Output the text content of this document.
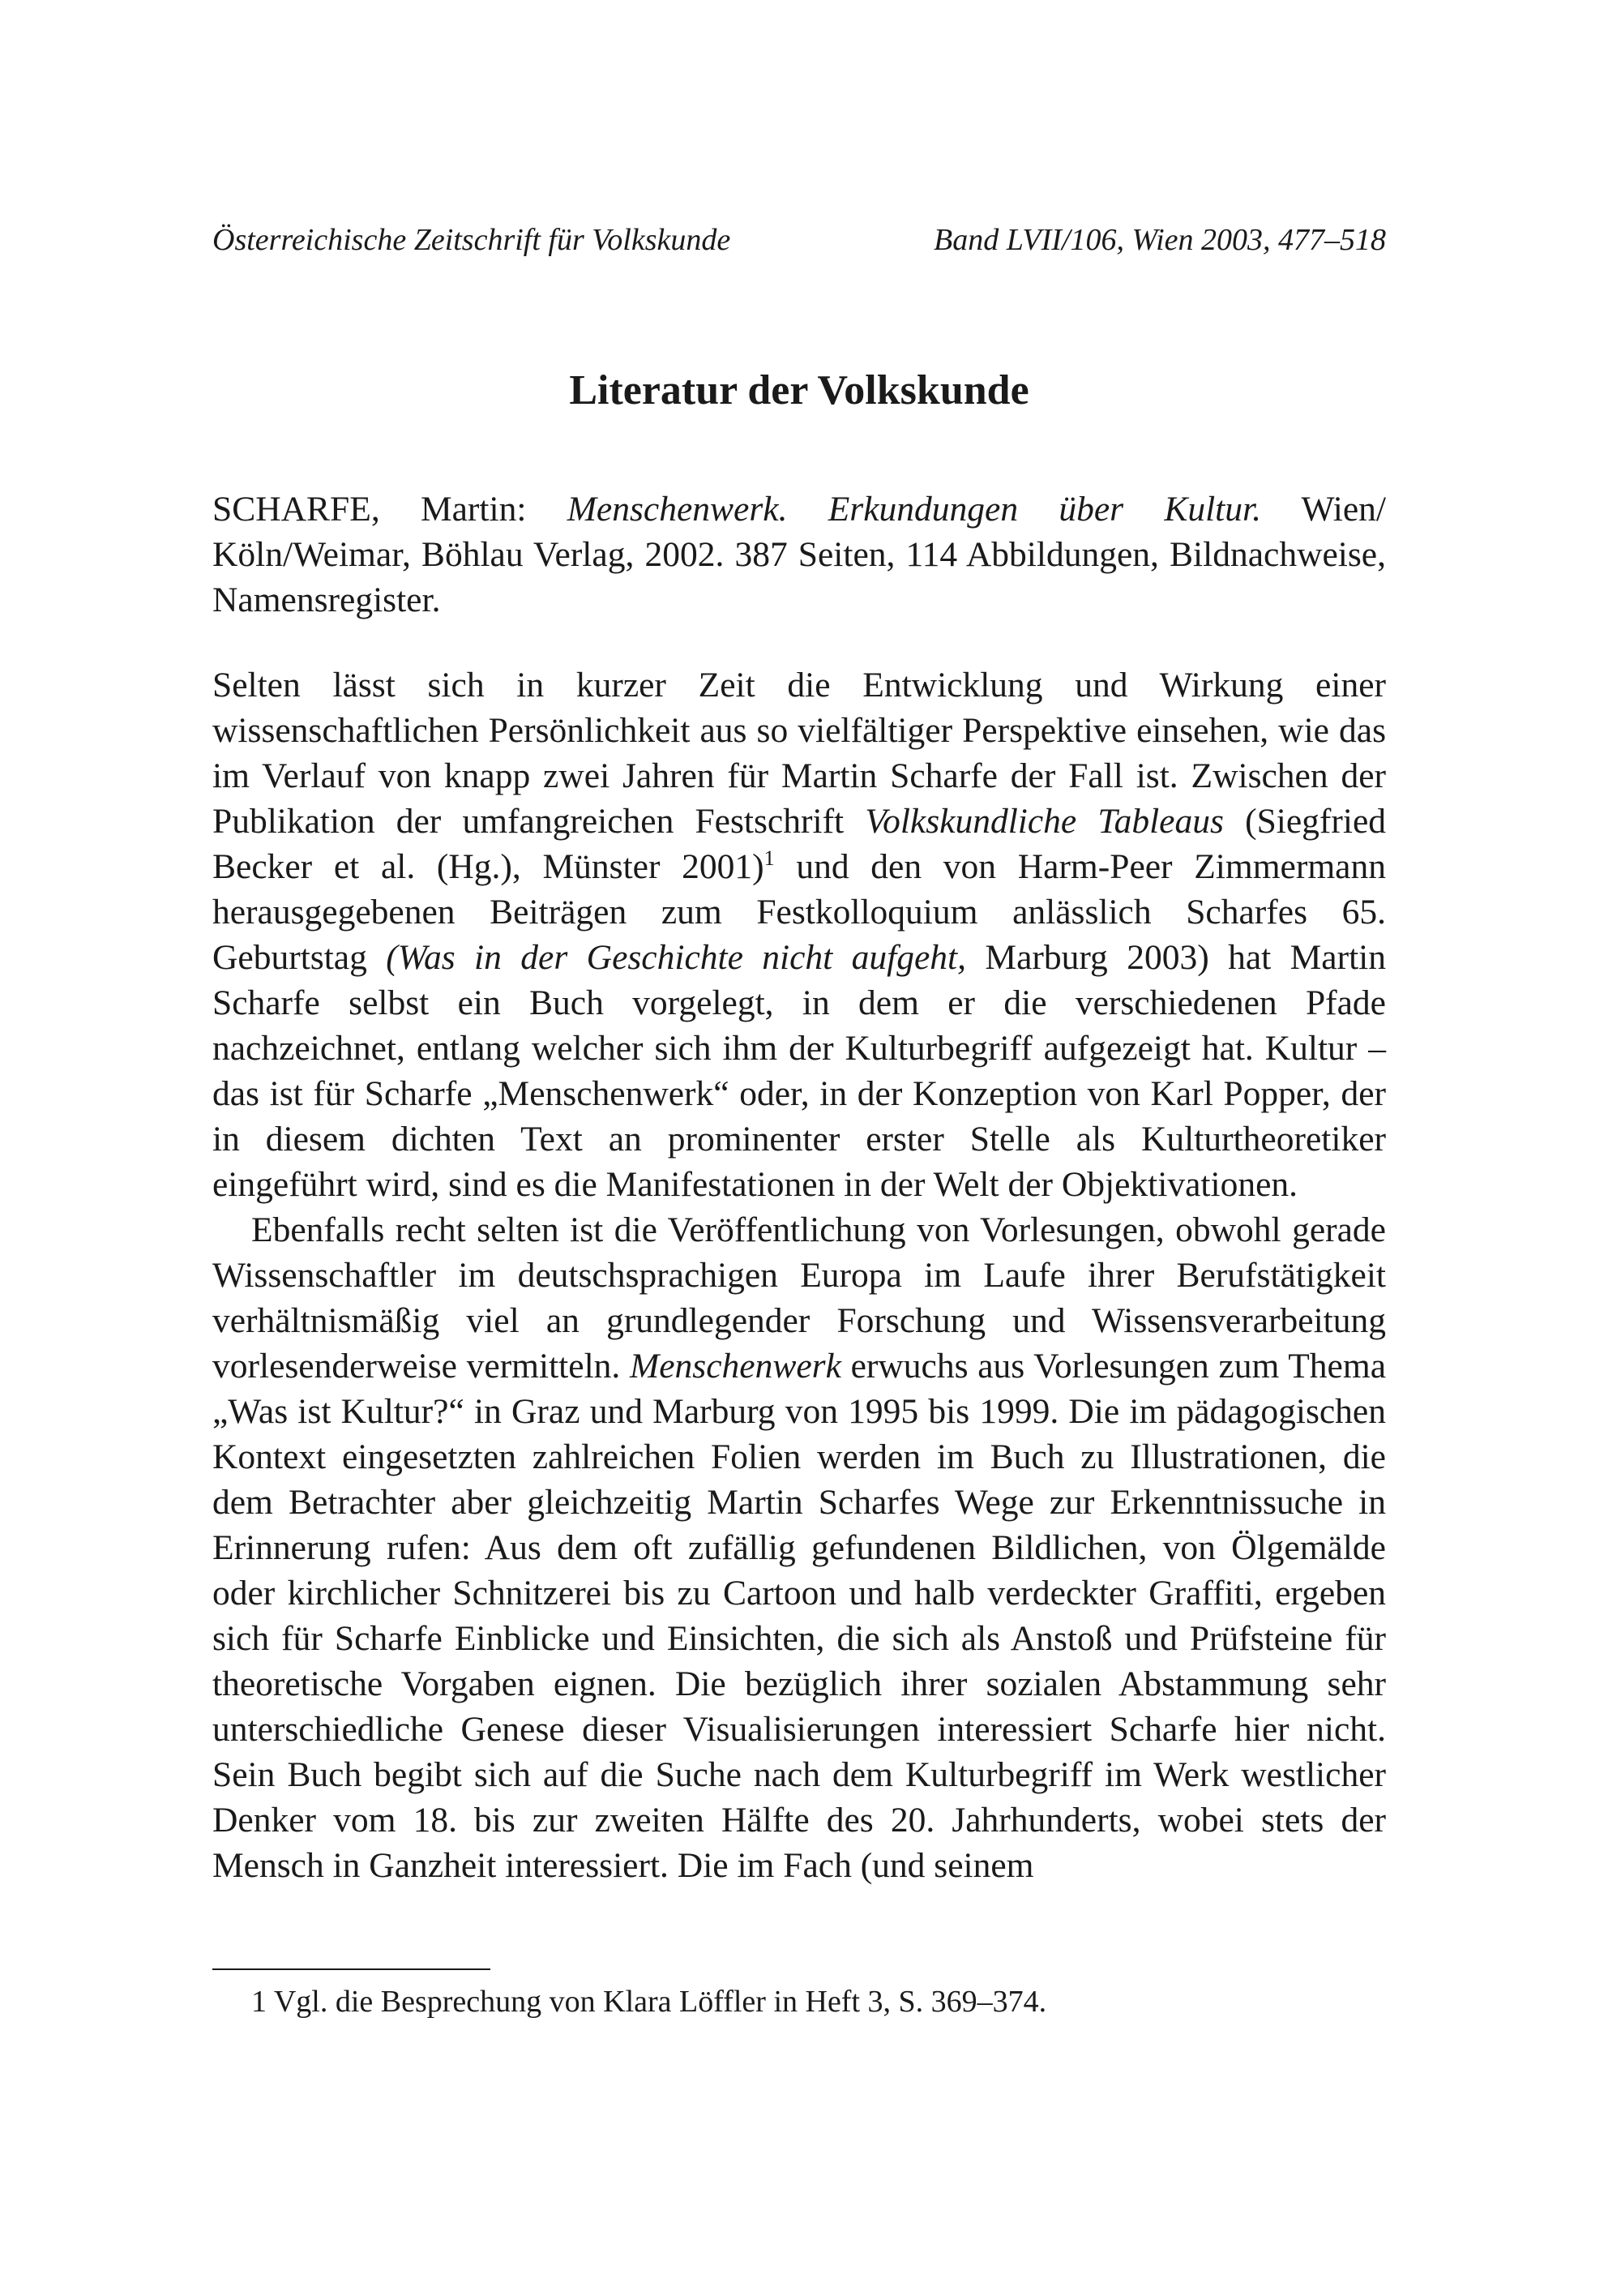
Österreichische Zeitschrift für Volkskunde	Band LVII/106, Wien 2003, 477–518
Literatur der Volkskunde
SCHARFE, Martin: Menschenwerk. Erkundungen über Kultur. Wien/ Köln/Weimar, Böhlau Verlag, 2002. 387 Seiten, 114 Abbildungen, Bildnachweise, Namensregister.

Selten lässt sich in kurzer Zeit die Entwicklung und Wirkung einer wissenschaftlichen Persönlichkeit aus so vielfältiger Perspektive einsehen, wie das im Verlauf von knapp zwei Jahren für Martin Scharfe der Fall ist. Zwischen der Publikation der umfangreichen Festschrift Volkskundliche Tableaus (Siegfried Becker et al. (Hg.), Münster 2001)$^1$ und den von Harm-Peer Zimmermann herausgegebenen Beiträgen zum Festkolloquium anlässlich Scharfes 65. Geburtstag (Was in der Geschichte nicht aufgeht, Marburg 2003) hat Martin Scharfe selbst ein Buch vorgelegt, in dem er die verschiedenen Pfade nachzeichnet, entlang welcher sich ihm der Kulturbegriff aufgezeigt hat. Kultur – das ist für Scharfe „Menschenwerk“ oder, in der Konzeption von Karl Popper, der in diesem dichten Text an prominenter erster Stelle als Kulturtheoretiker eingeführt wird, sind es die Manifestationen in der Welt der Objektivationen.

Ebenfalls recht selten ist die Veröffentlichung von Vorlesungen, obwohl gerade Wissenschaftler im deutschsprachigen Europa im Laufe ihrer Berufstätigkeit verhältnismäßig viel an grundlegender Forschung und Wissensverarbeitung vorlesenderweise vermitteln. Menschenwerk erwuchs aus Vorlesungen zum Thema „Was ist Kultur?“ in Graz und Marburg von 1995 bis 1999. Die im pädagogischen Kontext eingesetzten zahlreichen Folien werden im Buch zu Illustrationen, die dem Betrachter aber gleichzeitig Martin Scharfes Wege zur Erkenntnissuche in Erinnerung rufen: Aus dem oft zufällig gefundenen Bildlichen, von Ölgemälde oder kirchlicher Schnitzerei bis zu Cartoon und halb verdeckter Graffiti, ergeben sich für Scharfe Einblicke und Einsichten, die sich als Anstoß und Prüfsteine für theoretische Vorgaben eignen. Die bezüglich ihrer sozialen Abstammung sehr unterschiedliche Genese dieser Visualisierungen interessiert Scharfe hier nicht. Sein Buch begibt sich auf die Suche nach dem Kulturbegriff im Werk westlicher Denker vom 18. bis zur zweiten Hälfte des 20. Jahrhunderts, wobei stets der Mensch in Ganzheit interessiert. Die im Fach (und seinem

1 Vgl. die Besprechung von Klara Löffler in Heft 3, S. 369–374.
